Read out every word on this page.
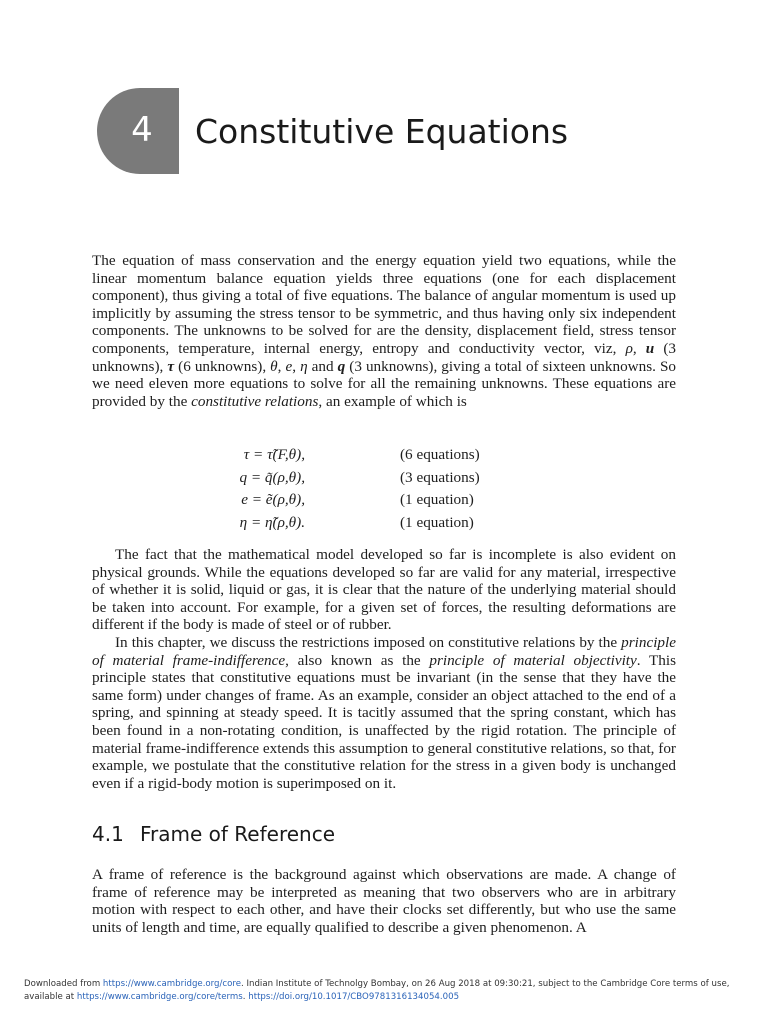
4 Constitutive Equations

The equation of mass conservation and the energy equation yield two equations, while the linear momentum balance equation yields three equations (one for each displacement component), thus giving a total of five equations. The balance of angular momentum is used up implicitly by assuming the stress tensor to be symmetric, and thus having only six independent components. The unknowns to be solved for are the density, displacement field, stress tensor components, temperature, internal energy, entropy and conductivity vector, viz, ρ, u (3 unknowns), τ (6 unknowns), θ, e, η and q (3 unknowns), giving a total of sixteen unknowns. So we need eleven more equations to solve for all the remaining unknowns. These equations are provided by the constitutive relations, an example of which is

τ = τ̃(F,θ),	(6 equations)
q = q̃(ρ,θ),	(3 equations)
e = ẽ(ρ,θ),	(1 equation)
η = η̃(ρ,θ).	(1 equation)

The fact that the mathematical model developed so far is incomplete is also evident on physical grounds. While the equations developed so far are valid for any material, irrespective of whether it is solid, liquid or gas, it is clear that the nature of the underlying material should be taken into account. For example, for a given set of forces, the resulting deformations are different if the body is made of steel or of rubber.

In this chapter, we discuss the restrictions imposed on constitutive relations by the principle of material frame-indifference, also known as the principle of material objectivity. This principle states that constitutive equations must be invariant (in the sense that they have the same form) under changes of frame. As an example, consider an object attached to the end of a spring, and spinning at steady speed. It is tacitly assumed that the spring constant, which has been found in a non-rotating condition, is unaffected by the rigid rotation. The principle of material frame-indifference extends this assumption to general constitutive relations, so that, for example, we postulate that the constitutive relation for the stress in a given body is unchanged even if a rigid-body motion is superimposed on it.

4.1 Frame of Reference

A frame of reference is the background against which observations are made. A change of frame of reference may be interpreted as meaning that two observers who are in arbitrary motion with respect to each other, and have their clocks set differently, but who use the same units of length and time, are equally qualified to describe a given phenomenon. A

Downloaded from https://www.cambridge.org/core. Indian Institute of Technolgy Bombay, on 26 Aug 2018 at 09:30:21, subject to the Cambridge Core terms of use, available at https://www.cambridge.org/core/terms. https://doi.org/10.1017/CBO9781316134054.005
